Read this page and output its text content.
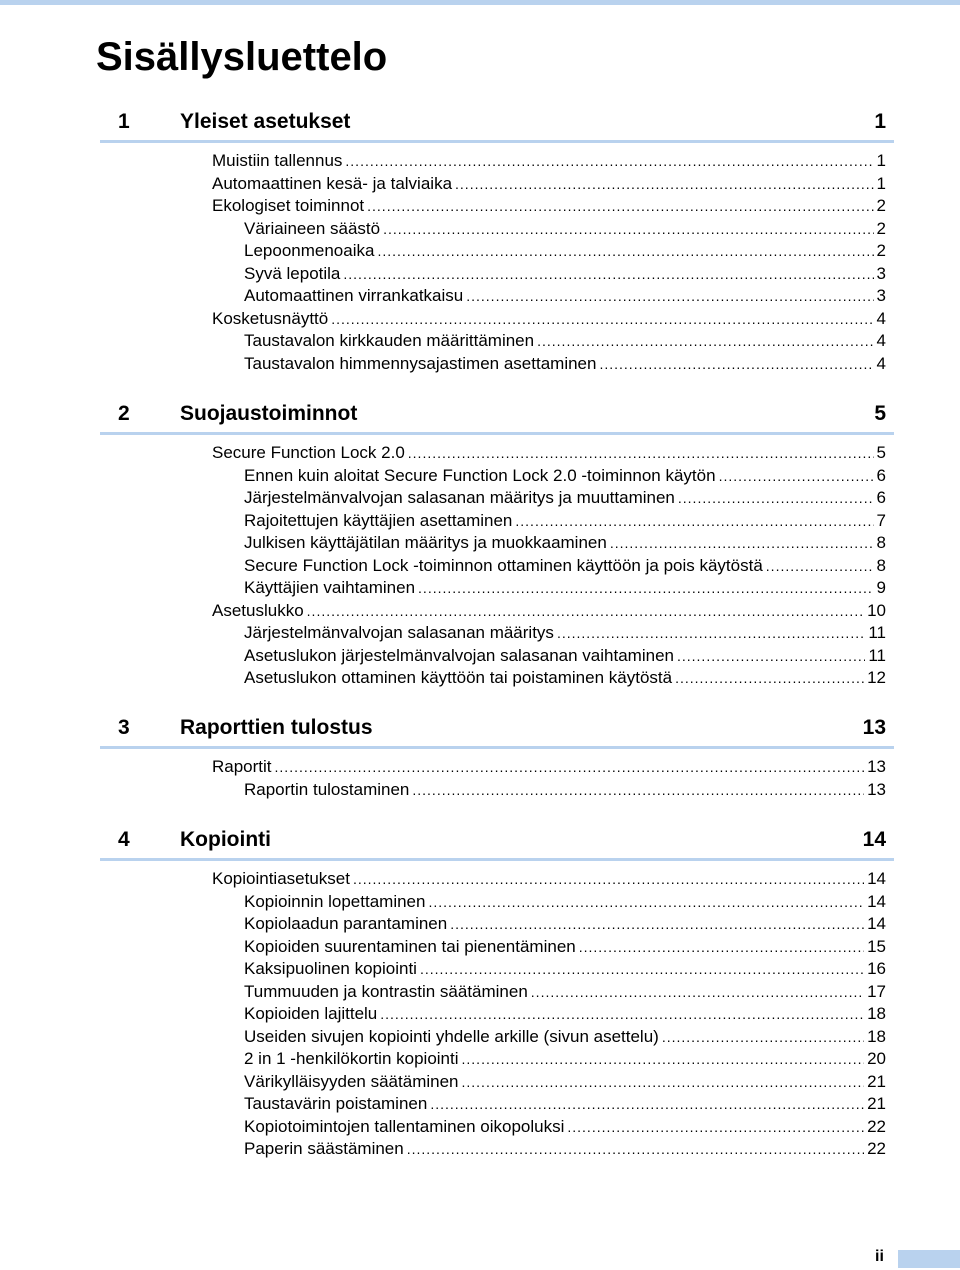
Sisällysluettelo
1 Yleiset asetukset	1
Muistiin tallennus .....	1
Automaattinen kesä- ja talviaika .....	1
Ekologiset toiminnot .....	2
Väriaineen säästö .....	2
Lepoonmenoaika .....	2
Syvä lepotila .....	3
Automaattinen virrankatkaisu .....	3
Kosketusnäyttö .....	4
Taustavalon kirkkauden määrittäminen .....	4
Taustavalon himmennysajastimen asettaminen .....	4
2 Suojaustoiminnot	5
Secure Function Lock 2.0 .....	5
Ennen kuin aloitat Secure Function Lock 2.0 -toiminnon käytön .....	6
Järjestelmänvalvojan salasanan määritys ja muuttaminen .....	6
Rajoitettujen käyttäjien asettaminen .....	7
Julkisen käyttäjätilan määritys ja muokkaaminen .....	8
Secure Function Lock -toiminnon ottaminen käyttöön ja pois käytöstä .....	8
Käyttäjien vaihtaminen .....	9
Asetuslukko .....	10
Järjestelmänvalvojan salasanan määritys .....	11
Asetuslukon järjestelmänvalvojan salasanan vaihtaminen .....	11
Asetuslukon ottaminen käyttöön tai poistaminen käytöstä .....	12
3 Raporttien tulostus	13
Raportit .....	13
Raportin tulostaminen .....	13
4 Kopiointi	14
Kopiointiasetukset .....	14
Kopioinnin lopettaminen .....	14
Kopiolaadun parantaminen .....	14
Kopioiden suurentaminen tai pienentäminen .....	15
Kaksipuolinen kopiointi .....	16
Tummuuden ja kontrastin säätäminen .....	17
Kopioiden lajittelu .....	18
Useiden sivujen kopiointi yhdelle arkille (sivun asettelu) .....	18
2 in 1 -henkilökortin kopiointi .....	20
Värikylläisyyden säätäminen .....	21
Taustavärin poistaminen .....	21
Kopiotoimintojen tallentaminen oikopoluksi .....	22
Paperin säästäminen .....	22
ii
